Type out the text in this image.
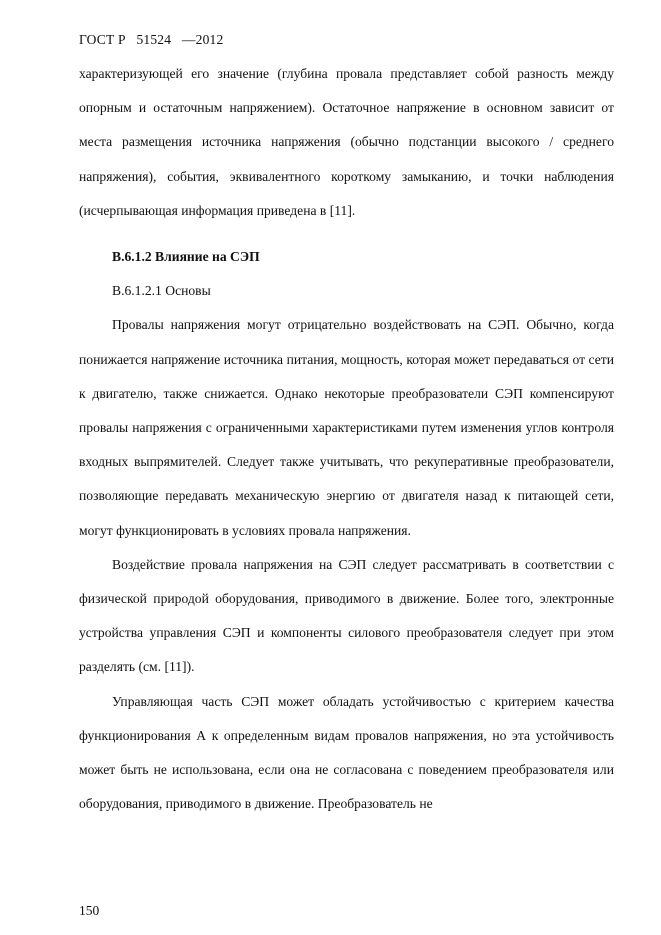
ГОСТ Р   51524   —2012

характеризующей его значение (глубина провала представляет собой разность между опорным и остаточным напряжением). Остаточное напряжение в основном зависит от места размещения источника напряжения (обычно подстанции высокого / среднего напряжения), события, эквивалентного короткому замыканию, и точки наблюдения (исчерпывающая информация приведена в [11].

В.6.1.2 Влияние на СЭП

В.6.1.2.1 Основы

Провалы напряжения могут отрицательно воздействовать на СЭП. Обычно, когда понижается напряжение источника питания, мощность, которая может передаваться от сети к двигателю, также снижается. Однако некоторые преобразователи СЭП компенсируют провалы напряжения с ограниченными характеристиками путем изменения углов контроля входных выпрямителей. Следует также учитывать, что рекуперативные преобразователи, позволяющие передавать механическую энергию от двигателя назад к питающей сети, могут функционировать в условиях провала напряжения.

Воздействие провала напряжения на СЭП следует рассматривать в соответствии с физической природой оборудования, приводимого в движение. Более того, электронные устройства управления СЭП и компоненты силового преобразователя следует при этом разделять (см. [11]).

Управляющая часть СЭП может обладать устойчивостью с критерием качества функционирования А к определенным видам провалов напряжения, но эта устойчивость может быть не использована, если она не согласована с поведением преобразователя или оборудования, приводимого в движение. Преобразователь не

150
